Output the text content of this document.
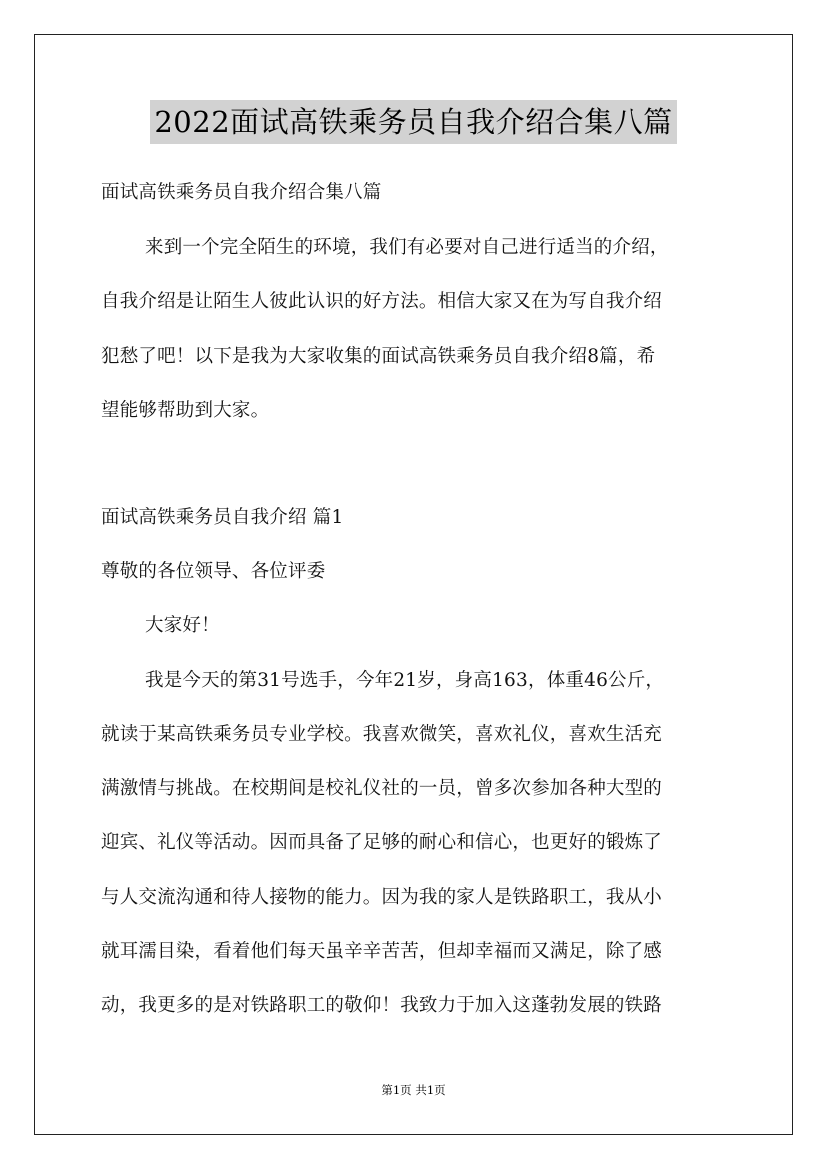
2022面试高铁乘务员自我介绍合集八篇
面试高铁乘务员自我介绍合集八篇
来到一个完全陌生的环境，我们有必要对自己进行适当的介绍，
自我介绍是让陌生人彼此认识的好方法。相信大家又在为写自我介绍
犯愁了吧！以下是我为大家收集的面试高铁乘务员自我介绍8篇，希
望能够帮助到大家。
面试高铁乘务员自我介绍 篇1
尊敬的各位领导、各位评委
大家好！
我是今天的第31号选手，今年21岁，身高163，体重46公斤，
就读于某高铁乘务员专业学校。我喜欢微笑，喜欢礼仪，喜欢生活充
满激情与挑战。在校期间是校礼仪社的一员，曾多次参加各种大型的
迎宾、礼仪等活动。因而具备了足够的耐心和信心，也更好的锻炼了
与人交流沟通和待人接物的能力。因为我的家人是铁路职工，我从小
就耳濡目染，看着他们每天虽辛辛苦苦，但却幸福而又满足，除了感
动，我更多的是对铁路职工的敬仰！我致力于加入这蓬勃发展的铁路
第1页 共1页
